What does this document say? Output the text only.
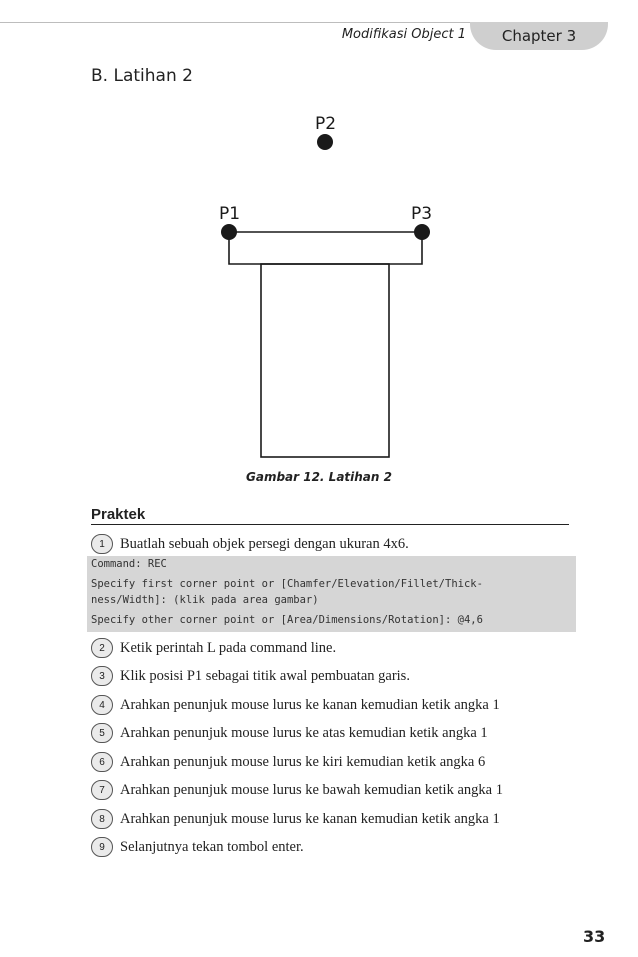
Modifikasi Object 1	Chapter 3
B. Latihan 2
P2
P1	P3
Gambar 12. Latihan 2
Praktek
1	Buatlah sebuah objek persegi dengan ukuran 4x6.
Command: REC
Specify first corner point or [Chamfer/Elevation/Fillet/Thick-
ness/Width]: (klik pada area gambar)
Specify other corner point or [Area/Dimensions/Rotation]: @4,6
2	Ketik perintah L pada command line.
3	Klik posisi P1 sebagai titik awal pembuatan garis.
4	Arahkan penunjuk mouse lurus ke kanan kemudian ketik angka 1
5	Arahkan penunjuk mouse lurus ke atas kemudian ketik angka 1
6	Arahkan penunjuk mouse lurus ke kiri kemudian ketik angka 6
7	Arahkan penunjuk mouse lurus ke bawah kemudian ketik angka 1
8	Arahkan penunjuk mouse lurus ke kanan kemudian ketik angka 1
9	Selanjutnya tekan tombol enter.
33
